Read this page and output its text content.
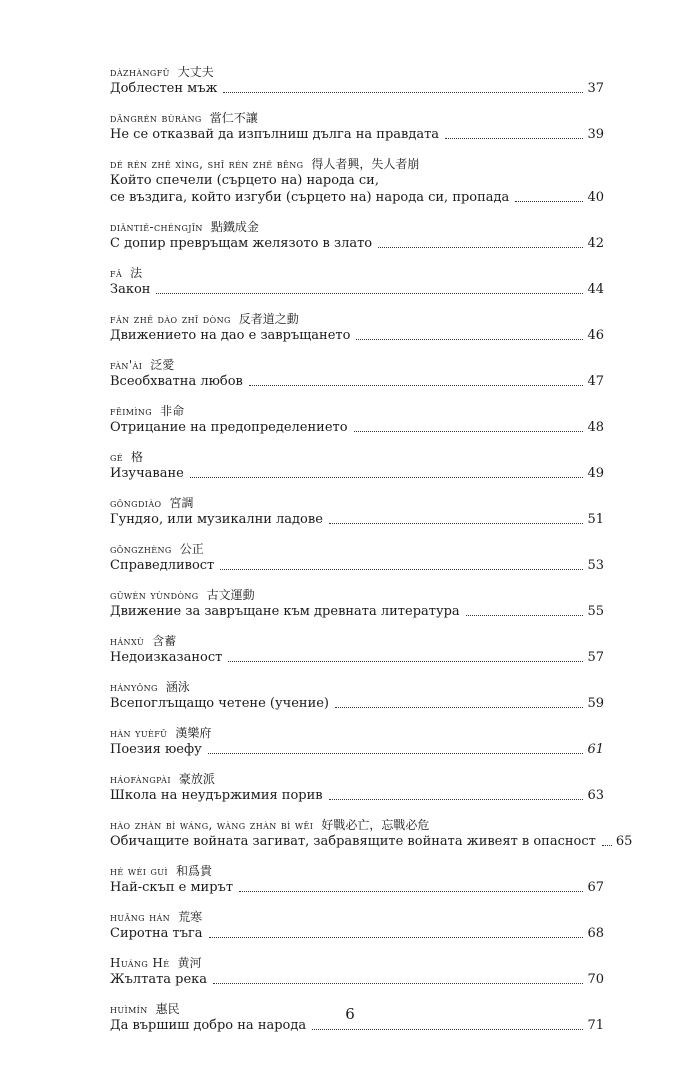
dàzhàngfū 大丈夫
Доблестен мъж	37
dāngrén bùràng 當仁不讓
Не се отказвай да изпълниш дълга на правдата	39
dé rén zhě xìng, shī rén zhě bēng 得人者興，失人者崩
Който спечели (сърцето на) народа си,
се въздига, който изгуби (сърцето на) народа си, пропада	40
diǎntiě-chéngjīn 點鐵成金
С допир превръщам желязото в злато	42
fǎ 法
Закон	44
fǎn zhě dào zhī dòng 反者道之動
Движението на дао е завръщането	46
fàn'ài 泛愛
Всеобхватна любов	47
fēimìng 非命
Отрицание на предопределението	48
gé 格
Изучаване	49
gōngdiào 宮調
Гундяо, или музикални ладове	51
gōngzhèng 公正
Справедливост	53
gǔwén yùndòng 古文運動
Движение за завръщане към древната литература	55
hánxù 含蓄
Недоизказаност	57
hányǒng 涵泳
Всепоглъщащо четене (учение)	59
hàn yuèfǔ 漢樂府
Поезия юефу	61
háofàngpài 豪放派
Школа на неудържимия порив	63
hào zhàn bì wáng, wàng zhàn bì wēi 好戰必亡，忘戰必危
Обичащите войната загиват, забравящите войната живеят в опасност 65
hé wéi guì 和爲貴
Най-скъп е мирът	67
huāng hán 荒寒
Сиротна тъга	68
Huáng Hé 黄河
Жълтата река	70
huìmín 惠民
Да вършиш добро на народа	71
6
